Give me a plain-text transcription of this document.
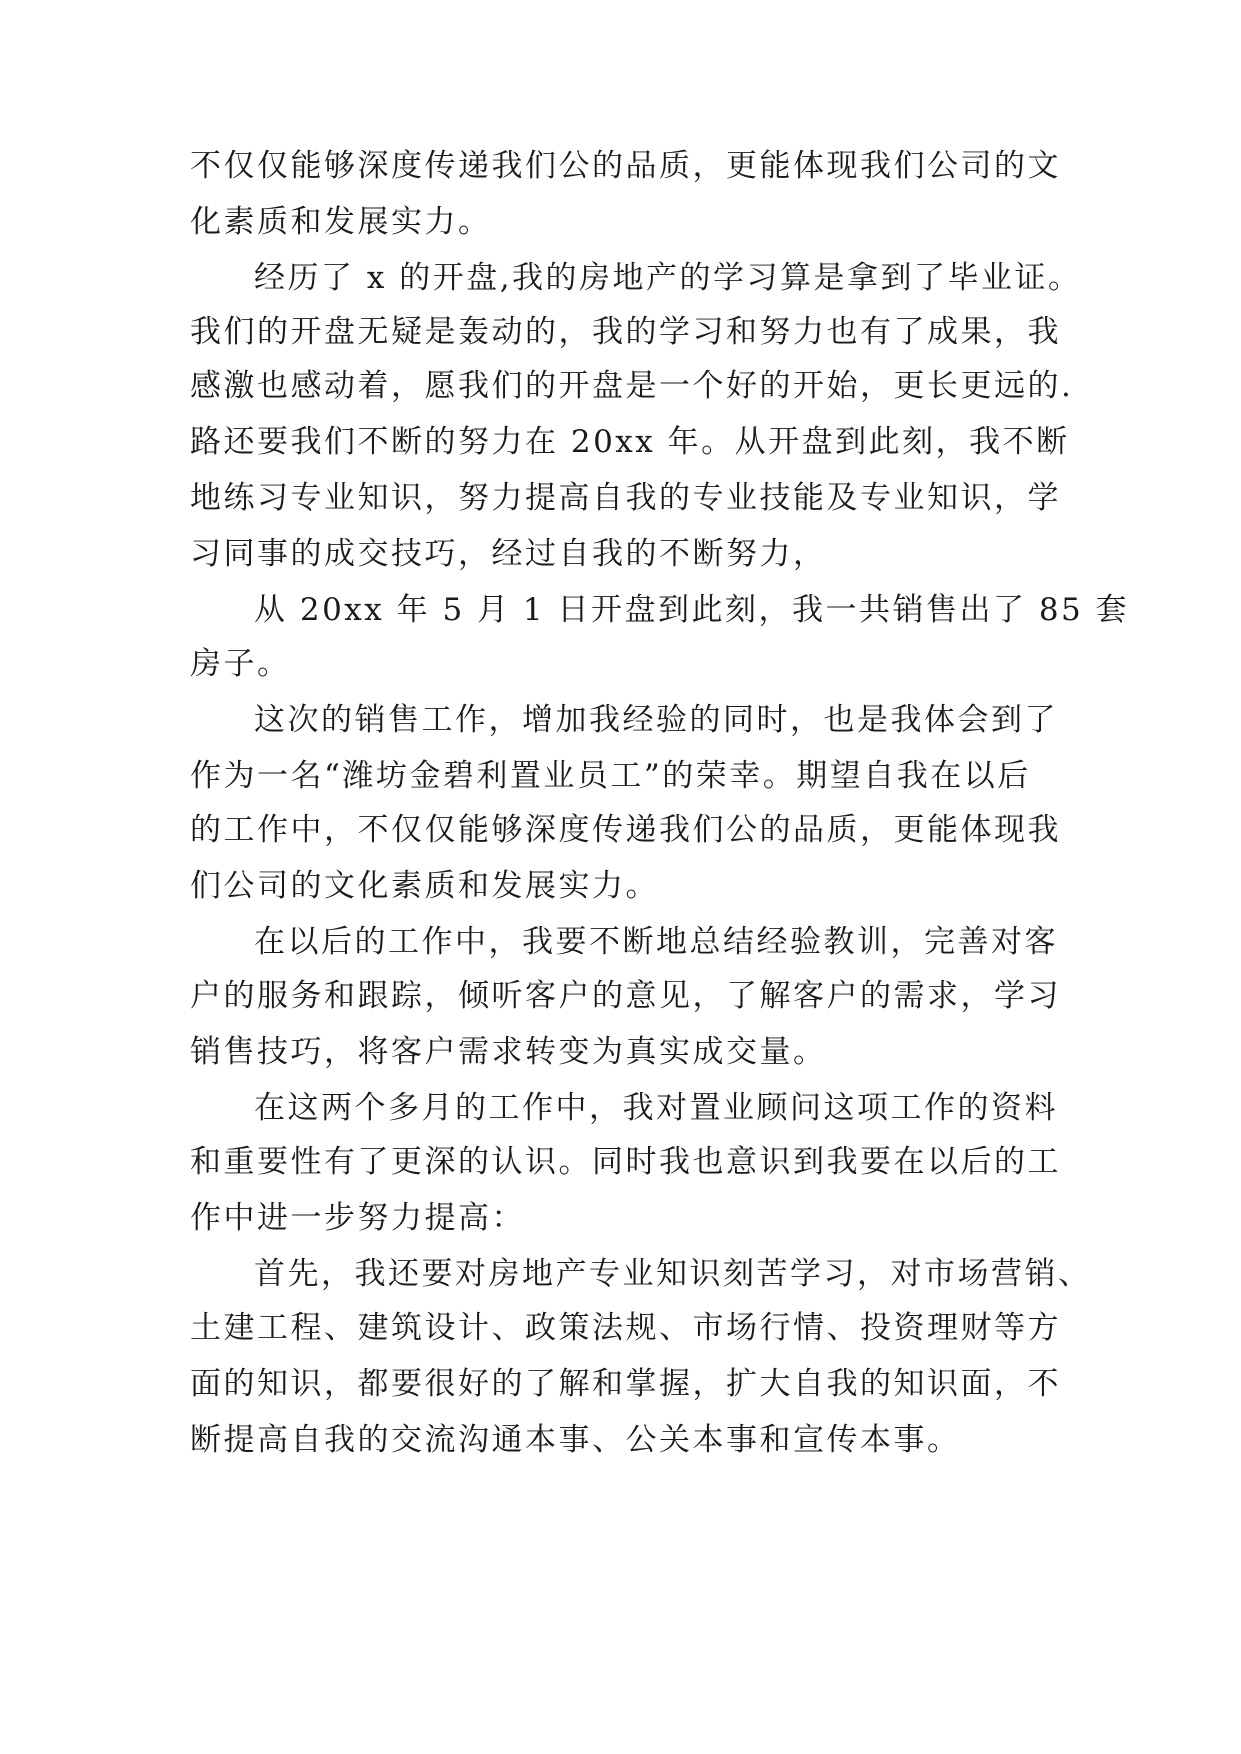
不仅仅能够深度传递我们公的品质，更能体现我们公司的文
化素质和发展实力。
经历了 x 的开盘,我的房地产的学习算是拿到了毕业证。
我们的开盘无疑是轰动的，我的学习和努力也有了成果，我
感激也感动着，愿我们的开盘是一个好的开始，更长更远的.
路还要我们不断的努力在 20xx 年。从开盘到此刻，我不断
地练习专业知识，努力提高自我的专业技能及专业知识，学
习同事的成交技巧，经过自我的不断努力，
从 20xx 年 5 月 1 日开盘到此刻，我一共销售出了 85 套
房子。
这次的销售工作，增加我经验的同时，也是我体会到了
作为一名“潍坊金碧利置业员工”的荣幸。期望自我在以后
的工作中，不仅仅能够深度传递我们公的品质，更能体现我
们公司的文化素质和发展实力。
在以后的工作中，我要不断地总结经验教训，完善对客
户的服务和跟踪，倾听客户的意见，了解客户的需求，学习
销售技巧，将客户需求转变为真实成交量。
在这两个多月的工作中，我对置业顾问这项工作的资料
和重要性有了更深的认识。同时我也意识到我要在以后的工
作中进一步努力提高：
首先，我还要对房地产专业知识刻苦学习，对市场营销、
土建工程、建筑设计、政策法规、市场行情、投资理财等方
面的知识，都要很好的了解和掌握，扩大自我的知识面，不
断提高自我的交流沟通本事、公关本事和宣传本事。
